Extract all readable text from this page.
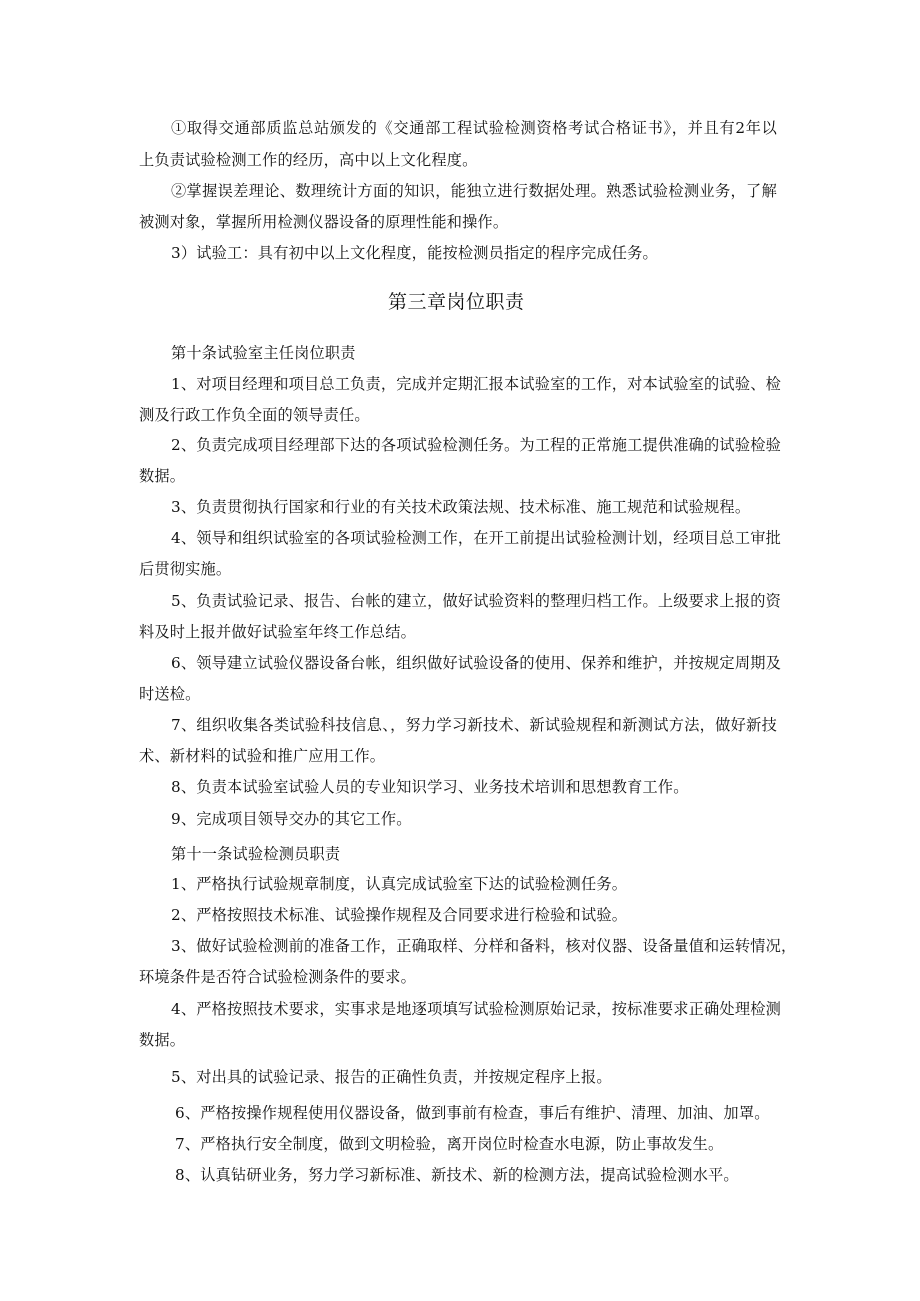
①取得交通部质监总站颁发的《交通部工程试验检测资格考试合格证书》，并且有2年以
上负责试验检测工作的经历，高中以上文化程度。
②掌握误差理论、数理统计方面的知识，能独立进行数据处理。熟悉试验检测业务，了解
被测对象，掌握所用检测仪器设备的原理性能和操作。
3）试验工：具有初中以上文化程度，能按检测员指定的程序完成任务。
第三章岗位职责
第十条试验室主任岗位职责
1、对项目经理和项目总工负责，完成并定期汇报本试验室的工作，对本试验室的试验、检
测及行政工作负全面的领导责任。
2、负责完成项目经理部下达的各项试验检测任务。为工程的正常施工提供准确的试验检验
数据。
3、负责贯彻执行国家和行业的有关技术政策法规、技术标准、施工规范和试验规程。
4、领导和组织试验室的各项试验检测工作，在开工前提出试验检测计划，经项目总工审批
后贯彻实施。
5、负责试验记录、报告、台帐的建立，做好试验资料的整理归档工作。上级要求上报的资
料及时上报并做好试验室年终工作总结。
6、领导建立试验仪器设备台帐，组织做好试验设备的使用、保养和维护，并按规定周期及
时送检。
7、组织收集各类试验科技信息、，努力学习新技术、新试验规程和新测试方法，做好新技
术、新材料的试验和推广应用工作。
8、负责本试验室试验人员的专业知识学习、业务技术培训和思想教育工作。
9、完成项目领导交办的其它工作。
第十一条试验检测员职责
1、严格执行试验规章制度，认真完成试验室下达的试验检测任务。
2、严格按照技术标准、试验操作规程及合同要求进行检验和试验。
3、做好试验检测前的准备工作，正确取样、分样和备料，核对仪器、设备量值和运转情况，
环境条件是否符合试验检测条件的要求。
4、严格按照技术要求，实事求是地逐项填写试验检测原始记录，按标准要求正确处理检测
数据。
5、对出具的试验记录、报告的正确性负责，并按规定程序上报。
6、严格按操作规程使用仪器设备，做到事前有检查，事后有维护、清理、加油、加罩。
7、严格执行安全制度，做到文明检验，离开岗位时检查水电源，防止事故发生。
8、认真钻研业务，努力学习新标准、新技术、新的检测方法，提高试验检测水平。
